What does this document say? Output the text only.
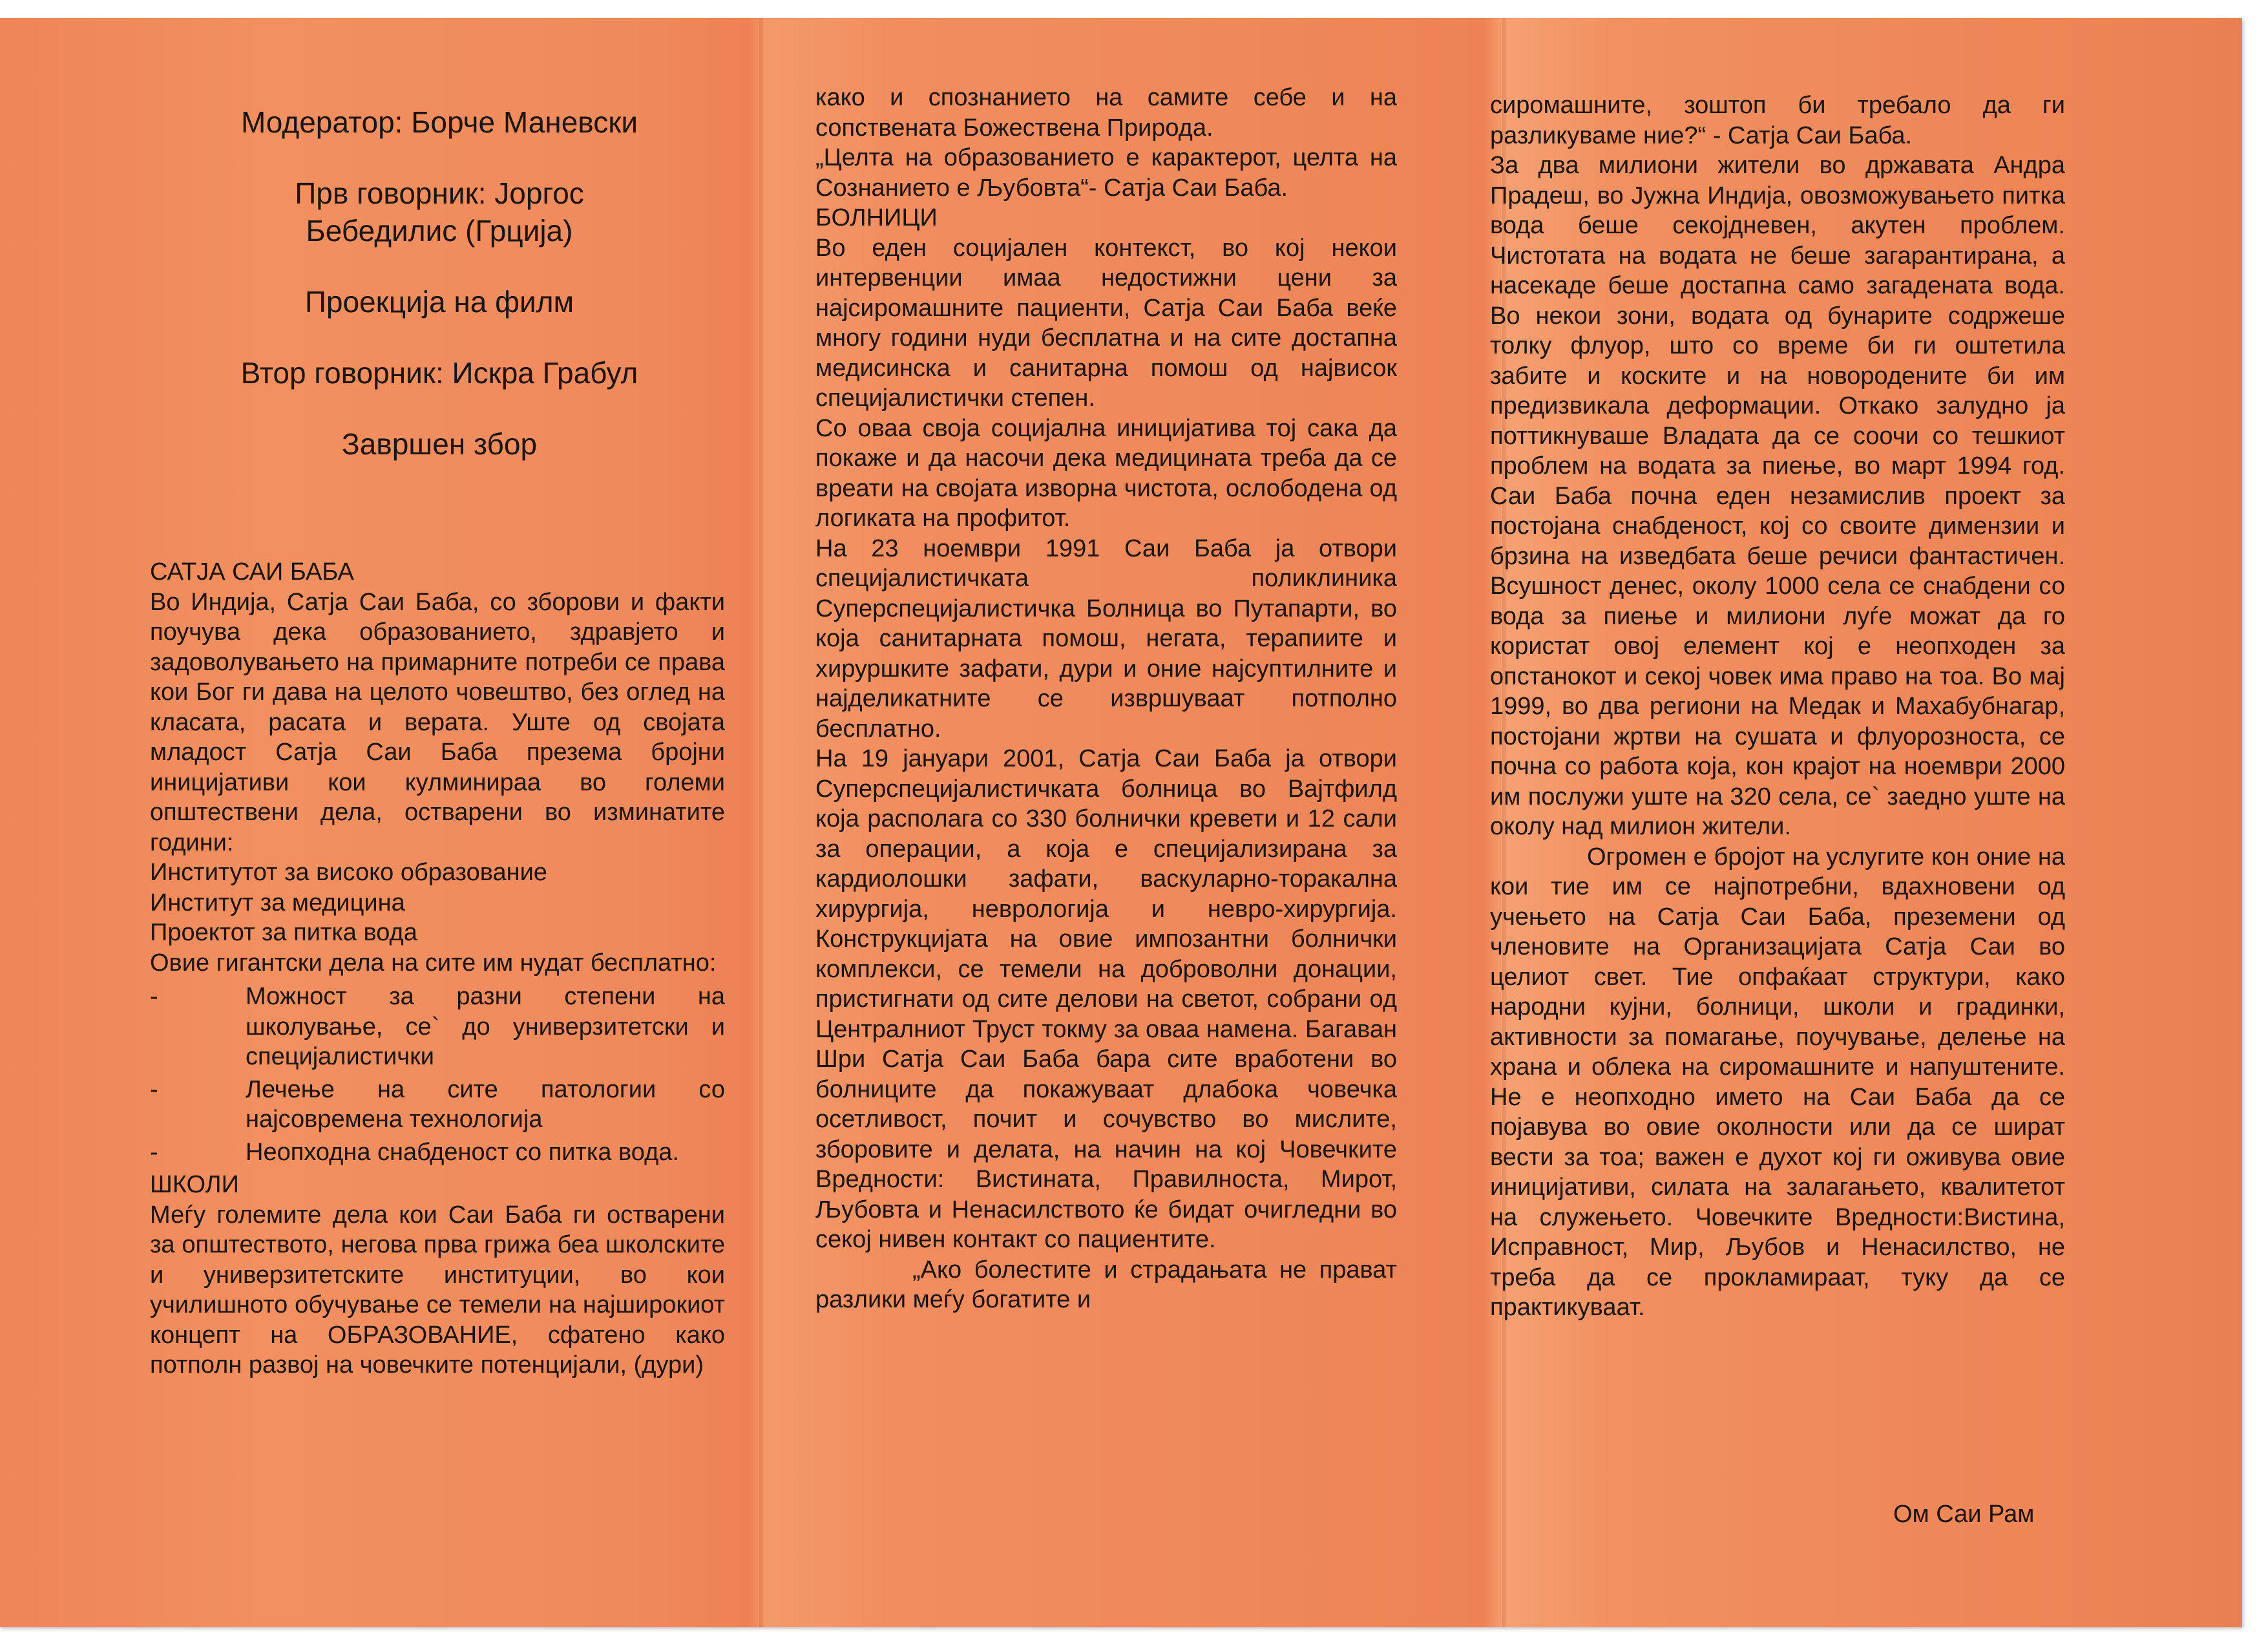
Модератор: Борче Маневски
Прв говорник: Јоргос Бебедилис (Грција)
Проекција на филм
Втор говорник: Искра Грабул
Завршен збор

САТЈА САИ БАБА

Во Индија, Сатја Саи Баба, со зборови и факти поучува дека образованието, здравјето и задоволувањето на примарните потреби се права кои Бог ги дава на целото човештво, без оглед на класата, расата и верата. Уште од својата младост Сатја Саи Баба презема бројни иницијативи кои кулминираа во големи општествени дела, остварени во изминатите години:

Институтот за високо образование

Институт за медицина

Проектот за питка вода

Овие гигантски дела на сите им нудат бесплатно:

- Можност за разни степени на школување, се` до универзитетски и специјалистички
- Лечење на сите патологии со најсовремена технологија
- Неопходна снабденост со питка вода.

ШКОЛИ

Меѓу големите дела кои Саи Баба ги остварени за општеството, негова прва грижа беа школските и универзитетските институции, во кои училишното обучување се темели на најширокиот концепт на ОБРАЗОВАНИЕ, сфатено како потполн развој на човечките потенцијали, (дури)

како и спознанието на самите себе и на сопствената Божествена Природа.

„Целта на образованието е карактерот, целта на Сознанието е Љубовта“- Сатја Саи Баба.

БОЛНИЦИ

Во еден социјален контекст, во кој некои интервенции имаа недостижни цени за најсиромашните пациенти, Сатја Саи Баба веќе многу години нуди бесплатна и на сите достапна медисинска и санитарна помош од највисок специјалистички степен.

Со оваа своја социјална иницијатива тој сака да покаже и да насочи дека медицината треба да се вреати на својата изворна чистота, ослободена од логиката на профитот.

На 23 ноември 1991 Саи Баба ја отвори специјалистичката поликлиника Суперспецијалистичка Болница во Путапарти, во која санитарната помош, негата, терапиите и хируршките зафати, дури и оние најсуптилните и најделикатните се извршуваат потполно бесплатно.

На 19 јануари 2001, Сатја Саи Баба ја отвори Суперспецијалистичката болница во Вајтфилд која располага со 330 болнички кревети и 12 сали за операции, а која е специјализирана за кардиолошки зафати, васкуларно-торакална хирургија, неврологија и невро-хирургија. Конструкцијата на овие импозантни болнички комплекси, се темели на доброволни донации, пристигнати од сите делови на светот, собрани од Централниот Труст токму за оваа намена. Багаван Шри Сатја Саи Баба бара сите вработени во болниците да покажуваат длабока човечка осетливост, почит и сочувство во мислите, зборовите и делата, на начин на кој Човечките Вредности: Вистината, Правилноста, Мирот, Љубовта и Ненасилството ќе бидат очигледни во секој нивен контакт со пациентите.

„Ако болестите и страдањата не прават разлики меѓу богатите и

сиромашните, зоштоп би требало да ги разликуваме ние?“ - Сатја Саи Баба.

За два милиони жители во државата Андра Прадеш, во Јужна Индија, овозможувањето питка вода беше секојдневен, акутен проблем. Чистотата на водата не беше загарантирана, а насекаде беше достапна само загадената вода. Во некои зони, водата од бунарите содржеше толку флуор, што со време би ги оштетила забите и коските и на новородените би им предизвикала деформации. Откако залудно ја поттикнуваше Владата да се соочи со тешкиот проблем на водата за пиење, во март 1994 год. Саи Баба почна еден незамислив проект за постојана снабденост, кој со своите димензии и брзина на изведбата беше речиси фантастичен. Всушност денес, околу 1000 села се снабдени со вода за пиење и милиони луѓе можат да го користат овој елемент кој е неопходен за опстанокот и секој човек има право на тоа. Во мај 1999, во два региони на Медак и Махабубнагар, постојани жртви на сушата и флуорозноста, се почна со работа која, кон крајот на ноември 2000 им послужи уште на 320 села, се` заедно уште на околу над милион жители.

Огромен е бројот на услугите кон оние на кои тие им се најпотребни, вдахновени од учењето на Сатја Саи Баба, преземени од членовите на Организацијата Сатја Саи во целиот свет. Тие опфаќаат структури, како народни кујни, болници, школи и градинки, активности за помагање, поучување, делење на храна и облека на сиромашните и напуштените. Не е неопходно името на Саи Баба да се појавува во овие околности или да се шират вести за тоа; важен е духот кој ги оживува овие иницијативи, силата на залагањето, квалитетот на служењето. Човечките Вредности:Вистина, Исправност, Мир, Љубов и Ненасилство, не треба да се прокламираат, туку да се практикуваат.

Ом Саи Рам
